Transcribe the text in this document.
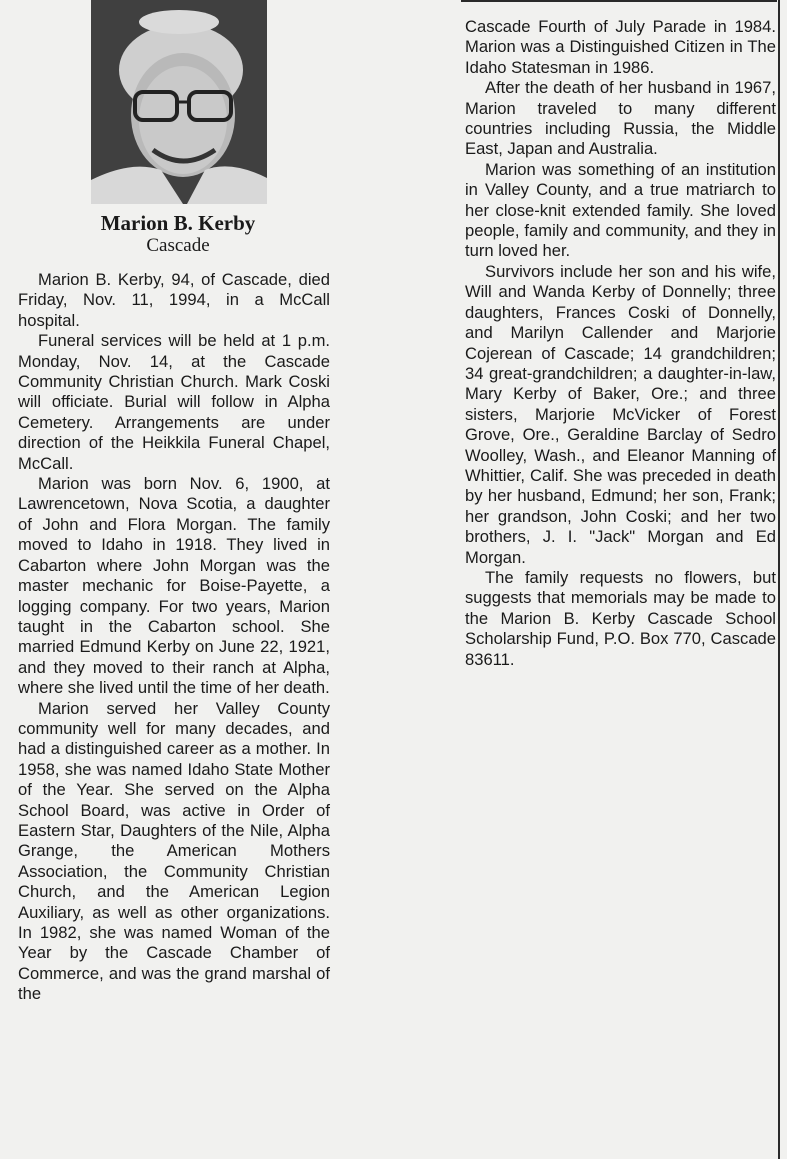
Marion B. Kerby
Cascade

Marion B. Kerby, 94, of Cascade, died Friday, Nov. 11, 1994, in a McCall hospital.

Funeral services will be held at 1 p.m. Monday, Nov. 14, at the Cascade Community Christian Church. Mark Coski will officiate. Burial will follow in Alpha Cemetery. Arrangements are under direction of the Heikkila Funeral Chapel, McCall.

Marion was born Nov. 6, 1900, at Lawrencetown, Nova Scotia, a daughter of John and Flora Morgan. The family moved to Idaho in 1918. They lived in Cabarton where John Morgan was the master mechanic for Boise-Payette, a logging company. For two years, Marion taught in the Cabarton school. She married Edmund Kerby on June 22, 1921, and they moved to their ranch at Alpha, where she lived until the time of her death.

Marion served her Valley County community well for many decades, and had a distinguished career as a mother. In 1958, she was named Idaho State Mother of the Year. She served on the Alpha School Board, was active in Order of Eastern Star, Daughters of the Nile, Alpha Grange, the American Mothers Association, the Community Christian Church, and the American Legion Auxiliary, as well as other organizations. In 1982, she was named Woman of the Year by the Cascade Chamber of Commerce, and was the grand marshal of the

Cascade Fourth of July Parade in 1984. Marion was a Distinguished Citizen in The Idaho Statesman in 1986.

After the death of her husband in 1967, Marion traveled to many different countries including Russia, the Middle East, Japan and Australia.

Marion was something of an institution in Valley County, and a true matriarch to her close-knit extended family. She loved people, family and community, and they in turn loved her.

Survivors include her son and his wife, Will and Wanda Kerby of Donnelly; three daughters, Frances Coski of Donnelly, and Marilyn Callender and Marjorie Cojerean of Cascade; 14 grandchildren; 34 great-grandchildren; a daughter-in-law, Mary Kerby of Baker, Ore.; and three sisters, Marjorie McVicker of Forest Grove, Ore., Geraldine Barclay of Sedro Woolley, Wash., and Eleanor Manning of Whittier, Calif. She was preceded in death by her husband, Edmund; her son, Frank; her grandson, John Coski; and her two brothers, J. I. "Jack" Morgan and Ed Morgan.

The family requests no flowers, but suggests that memorials may be made to the Marion B. Kerby Cascade School Scholarship Fund, P.O. Box 770, Cascade 83611.
